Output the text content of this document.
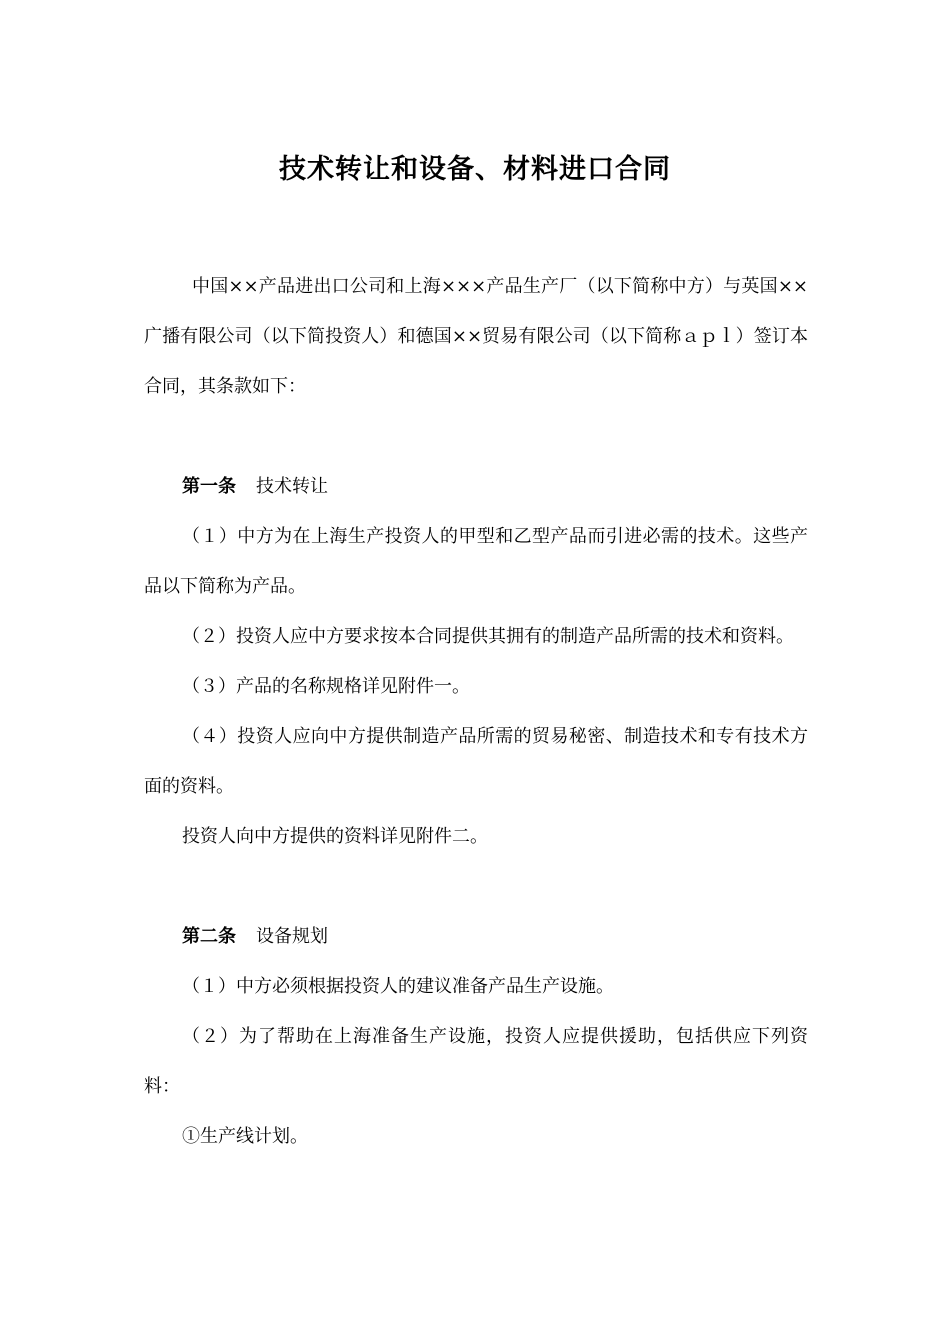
技术转让和设备、材料进口合同

中国××产品进出口公司和上海×××产品生产厂（以下简称中方）与英国××广播有限公司（以下简投资人）和德国××贸易有限公司（以下简称ａｐｌ）签订本合同，其条款如下：

第一条 技术转让

（１）中方为在上海生产投资人的甲型和乙型产品而引进必需的技术。这些产品以下简称为产品。

（２）投资人应中方要求按本合同提供其拥有的制造产品所需的技术和资料。

（３）产品的名称规格详见附件一。

（４）投资人应向中方提供制造产品所需的贸易秘密、制造技术和专有技术方面的资料。

投资人向中方提供的资料详见附件二。

第二条 设备规划

（１）中方必须根据投资人的建议准备产品生产设施。

（２）为了帮助在上海准备生产设施，投资人应提供援助，包括供应下列资料：

①生产线计划。
